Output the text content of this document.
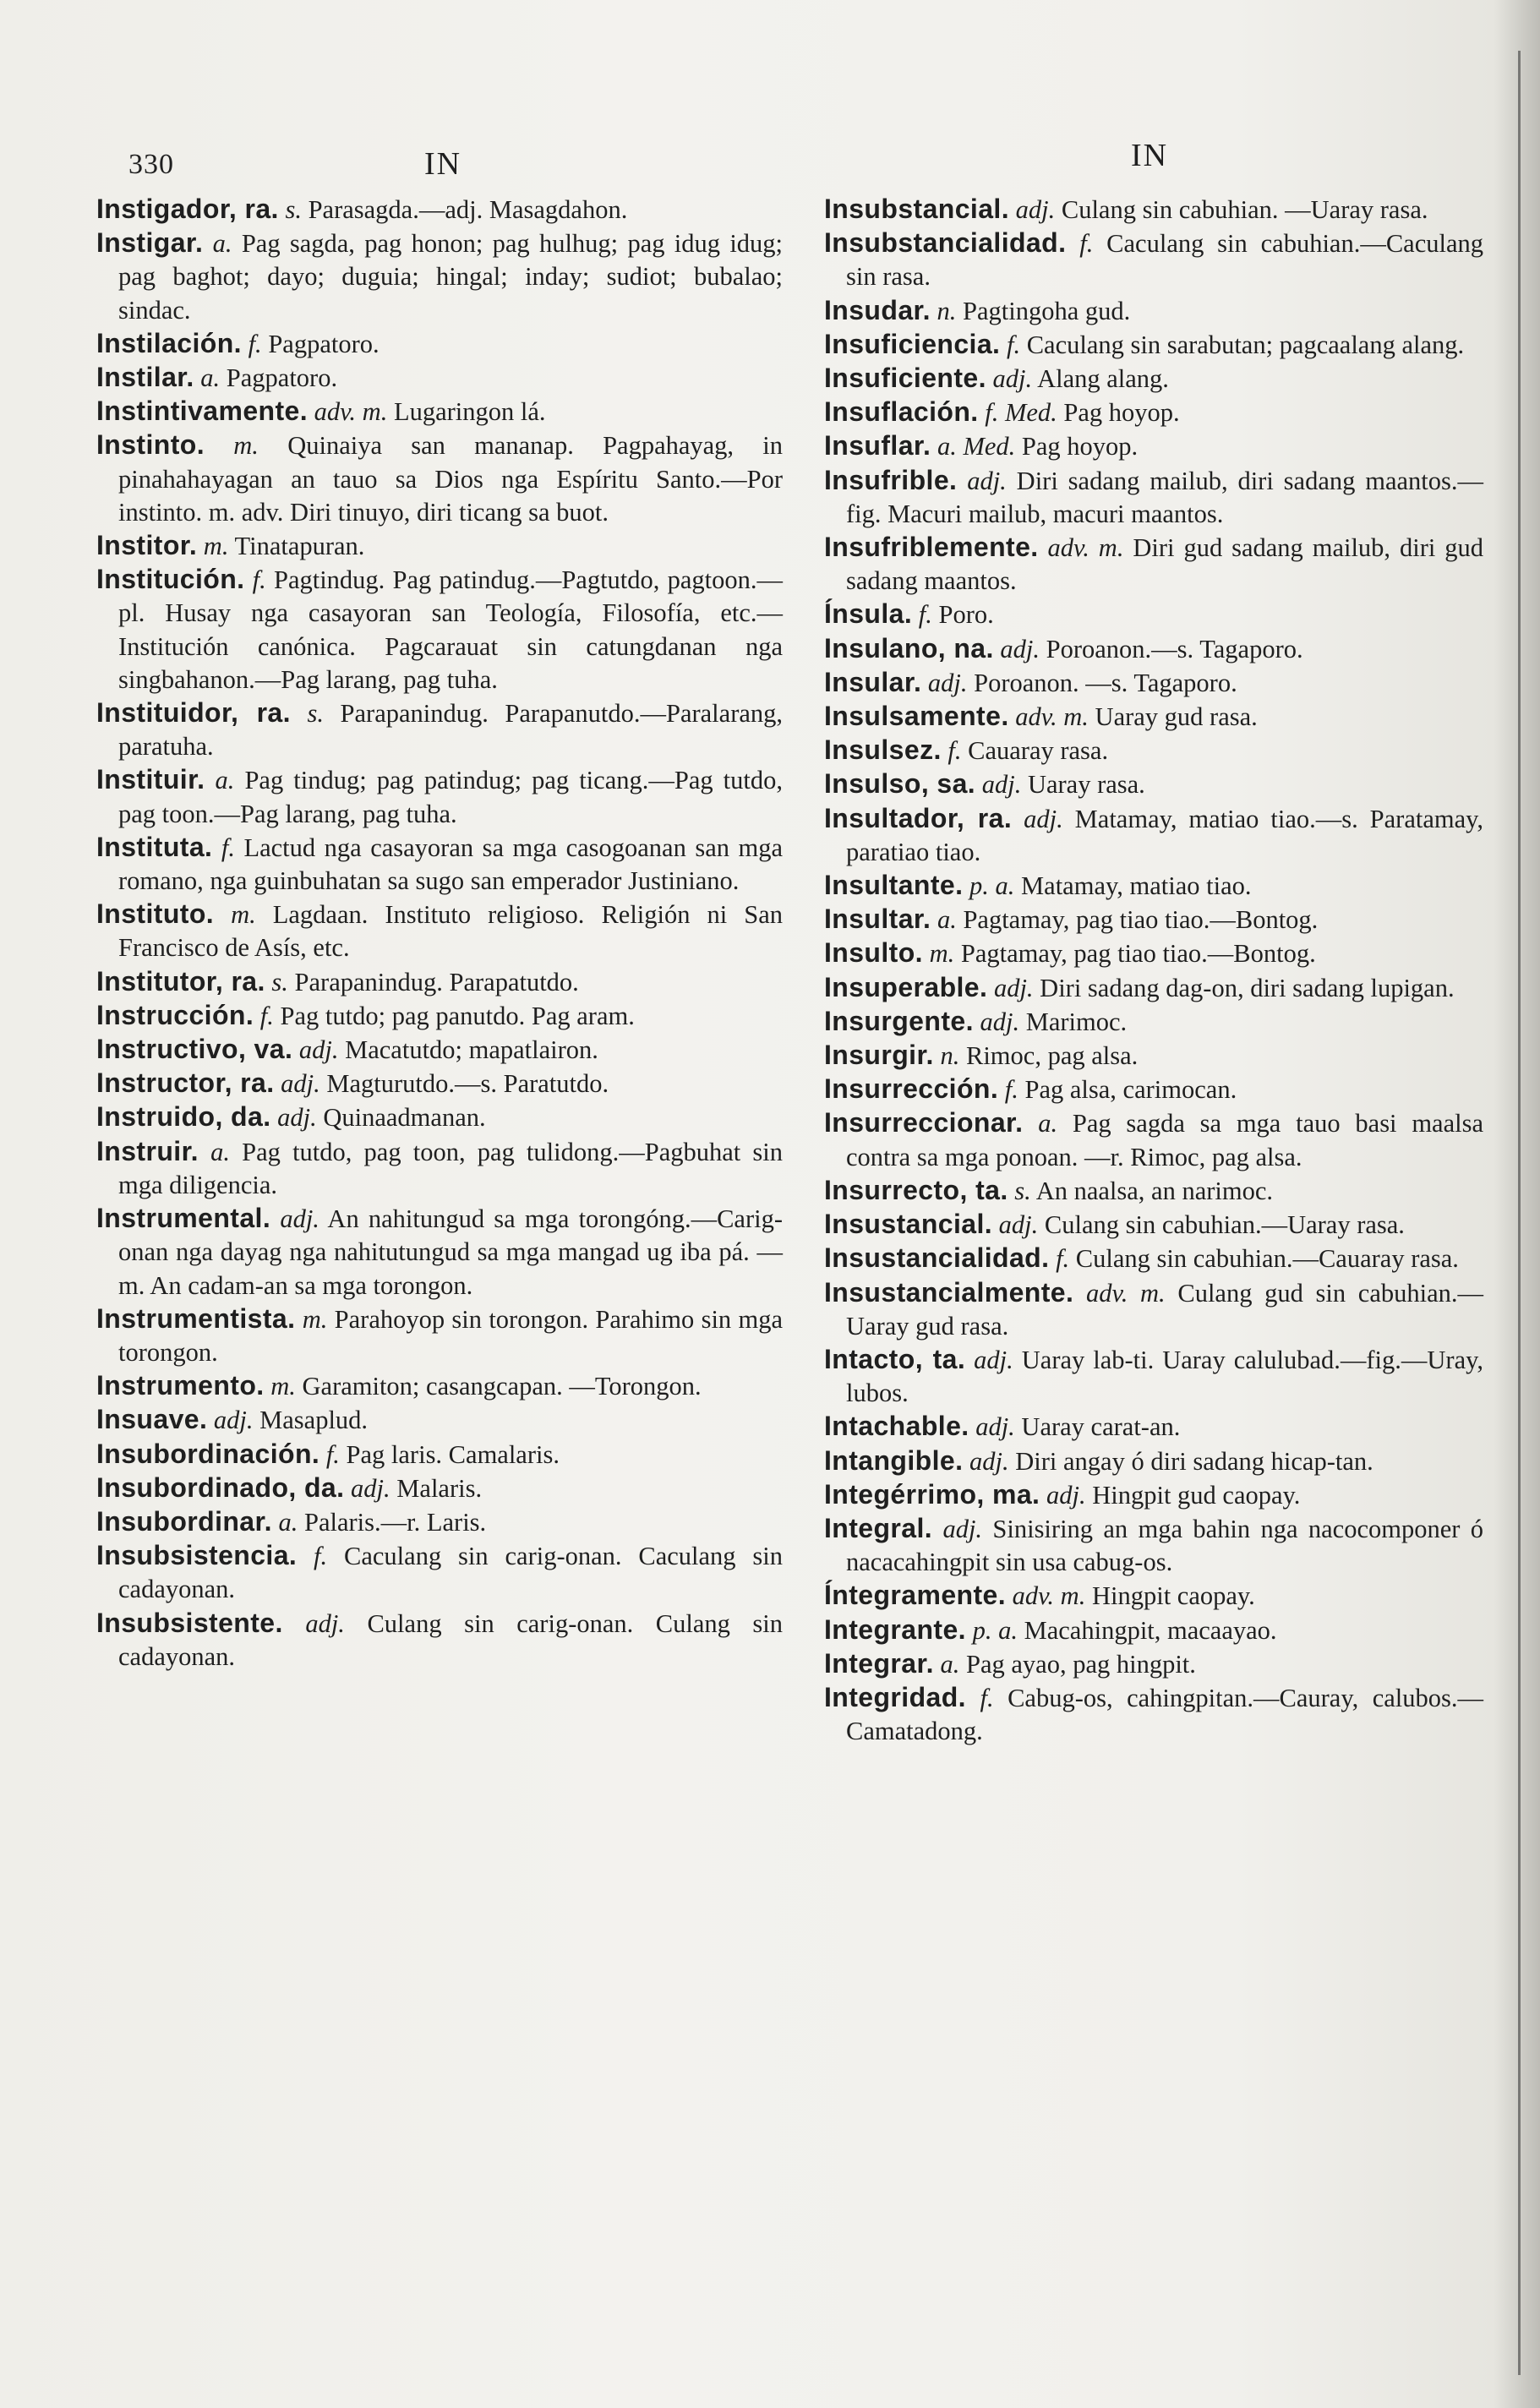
330	IN	IN
Instigador, ra. s. Parasagda.—adj. Masagdahon.
Instigar. a. Pag sagda, pag honon; pag hulhug; pag idug idug; pag baghot; dayo; duguia; hingal; inday; sudiot; bubalao; sindac.
Instilación. f. Pagpatoro.
Instilar. a. Pagpatoro.
Instintivamente. adv. m. Lugaringon lá.
Instinto. m. Quinaiya san mananap. Pagpahayag, in pinahahayagan an tauo sa Dios nga Espíritu Santo.—Por instinto. m. adv. Diri tinuyo, diri ticang sa buot.
Institor. m. Tinatapuran.
Institución. f. Pagtindug. Pag patindug.—Pagtutdo, pagtoon.—pl. Husay nga casayoran san Teología, Filosofía, etc.—Institución canónica. Pagcarauat sin catungdanan nga singbahanon.—Pag larang, pag tuha.
Instituidor, ra. s. Parapanindug. Parapanutdo.—Paralarang, paratuha.
Instituir. a. Pag tindug; pag patindug; pag ticang.—Pag tutdo, pag toon.—Pag larang, pag tuha.
Instituta. f. Lactud nga casayoran sa mga casogoanan san mga romano, nga guinbuhatan sa sugo san emperador Justiniano.
Instituto. m. Lagdaan. Instituto religioso. Religión ni San Francisco de Asís, etc.
Institutor, ra. s. Parapanindug. Parapatutdo.
Instrucción. f. Pag tutdo; pag panutdo. Pag aram.
Instructivo, va. adj. Macatutdo; mapatlairon.
Instructor, ra. adj. Magturutdo.—s. Paratutdo.
Instruido, da. adj. Quinaadmanan.
Instruir. a. Pag tutdo, pag toon, pag tulidong.—Pagbuhat sin mga diligencia.
Instrumental. adj. An nahitungud sa mga torongóng.—Carig-onan nga dayag nga nahitutungud sa mga mangad ug iba pá. —m. An cadam-an sa mga torongon.
Instrumentista. m. Parahoyop sin torongon. Parahimo sin mga torongon.
Instrumento. m. Garamiton; casangcapan. —Torongon.
Insuave. adj. Masaplud.
Insubordinación. f. Pag laris. Camalaris.
Insubordinado, da. adj. Malaris.
Insubordinar. a. Palaris.—r. Laris.
Insubsistencia. f. Caculang sin carig-onan. Caculang sin cadayonan.
Insubsistente. adj. Culang sin carig-onan. Culang sin cadayonan.
Insubstancial. adj. Culang sin cabuhian. —Uaray rasa.
Insubstancialidad. f. Caculang sin cabuhian.—Caculang sin rasa.
Insudar. n. Pagtingoha gud.
Insuficiencia. f. Caculang sin sarabutan; pagcaalang alang.
Insuficiente. adj. Alang alang.
Insuflación. f. Med. Pag hoyop.
Insuflar. a. Med. Pag hoyop.
Insufrible. adj. Diri sadang mailub, diri sadang maantos.—fig. Macuri mailub, macuri maantos.
Insufriblemente. adv. m. Diri gud sadang mailub, diri gud sadang maantos.
Ínsula. f. Poro.
Insulano, na. adj. Poroanon.—s. Tagaporo.
Insular. adj. Poroanon. —s. Tagaporo.
Insulsamente. adv. m. Uaray gud rasa.
Insulsez. f. Cauaray rasa.
Insulso, sa. adj. Uaray rasa.
Insultador, ra. adj. Matamay, matiao tiao.—s. Paratamay, paratiao tiao.
Insultante. p. a. Matamay, matiao tiao.
Insultar. a. Pagtamay, pag tiao tiao.—Bontog.
Insulto. m. Pagtamay, pag tiao tiao.—Bontog.
Insuperable. adj. Diri sadang dag-on, diri sadang lupigan.
Insurgente. adj. Marimoc.
Insurgir. n. Rimoc, pag alsa.
Insurrección. f. Pag alsa, carimocan.
Insurreccionar. a. Pag sagda sa mga tauo basi maalsa contra sa mga ponoan. —r. Rimoc, pag alsa.
Insurrecto, ta. s. An naalsa, an narimoc.
Insustancial. adj. Culang sin cabuhian.—Uaray rasa.
Insustancialidad. f. Culang sin cabuhian.—Cauaray rasa.
Insustancialmente. adv. m. Culang gud sin cabuhian.—Uaray gud rasa.
Intacto, ta. adj. Uaray lab-ti. Uaray calulubad.—fig.—Uray, lubos.
Intachable. adj. Uaray carat-an.
Intangible. adj. Diri angay ó diri sadang hicap-tan.
Integérrimo, ma. adj. Hingpit gud caopay.
Integral. adj. Sinisiring an mga bahin nga nacocomponer ó nacacahingpit sin usa cabug-os.
Íntegramente. adv. m. Hingpit caopay.
Integrante. p. a. Macahingpit, macaayao.
Integrar. a. Pag ayao, pag hingpit.
Integridad. f. Cabug-os, cahingpitan.—Cauray, calubos.—Camatadong.
